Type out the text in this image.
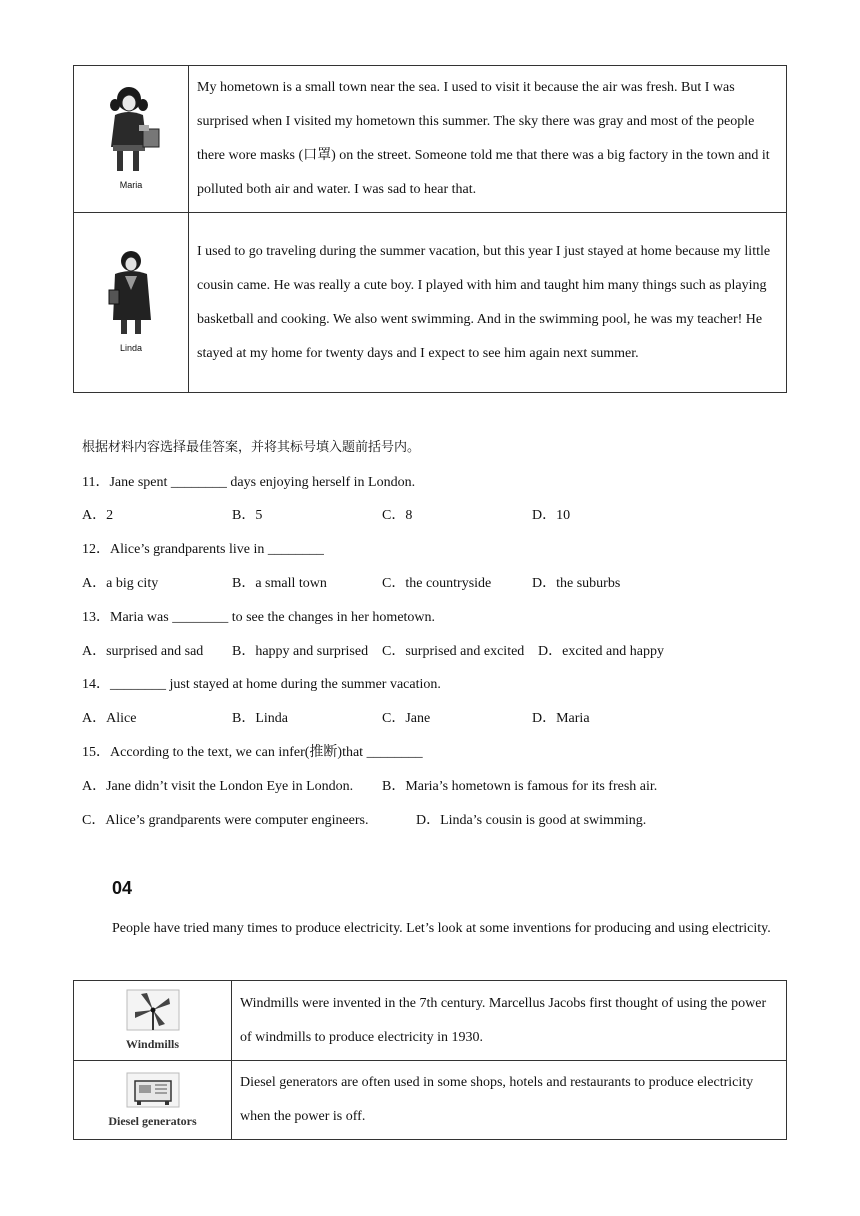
Maria	My hometown is a small town near the sea. I used to visit it because the air was fresh. But I was surprised when I visited my hometown this summer. The sky there was gray and most of the people there wore masks (口罩) on the street. Someone told me that there was a big factory in the town and it polluted both air and water. I was sad to hear that.

Linda	I used to go traveling during the summer vacation, but this year I just stayed at home because my little cousin came. He was really a cute boy. I played with him and taught him many things such as playing basketball and cooking. We also went swimming. And in the swimming pool, he was my teacher! He stayed at my home for twenty days and I expect to see him again next summer.
根据材料内容选择最佳答案，并将其标号填入题前括号内。
11．Jane spent ________ days enjoying herself in London.
A．2	B．5	C．8	D．10
12．Alice’s grandparents live in ________
A．a big city	B．a small town	C．the countryside	D．the suburbs
13．Maria was ________ to see the changes in her hometown.
A．surprised and sad B．happy and surprised C．surprised and excited D．excited and happy
14．________ just stayed at home during the summer vacation.
A．Alice	B．Linda	C．Jane	D．Maria
15．According to the text, we can infer(推断)that ________
A．Jane didn’t visit the London Eye in London. B．Maria’s hometown is famous for its fresh air.
C．Alice’s grandparents were computer engineers.	D．Linda’s cousin is good at swimming.
04
People have tried many times to produce electricity. Let’s look at some inventions for producing and using electricity.
Windmills	Windmills were invented in the 7th century. Marcellus Jacobs first thought of using the power of windmills to produce electricity in 1930.

Diesel generators	Diesel generators are often used in some shops, hotels and restaurants to produce electricity when the power is off.
